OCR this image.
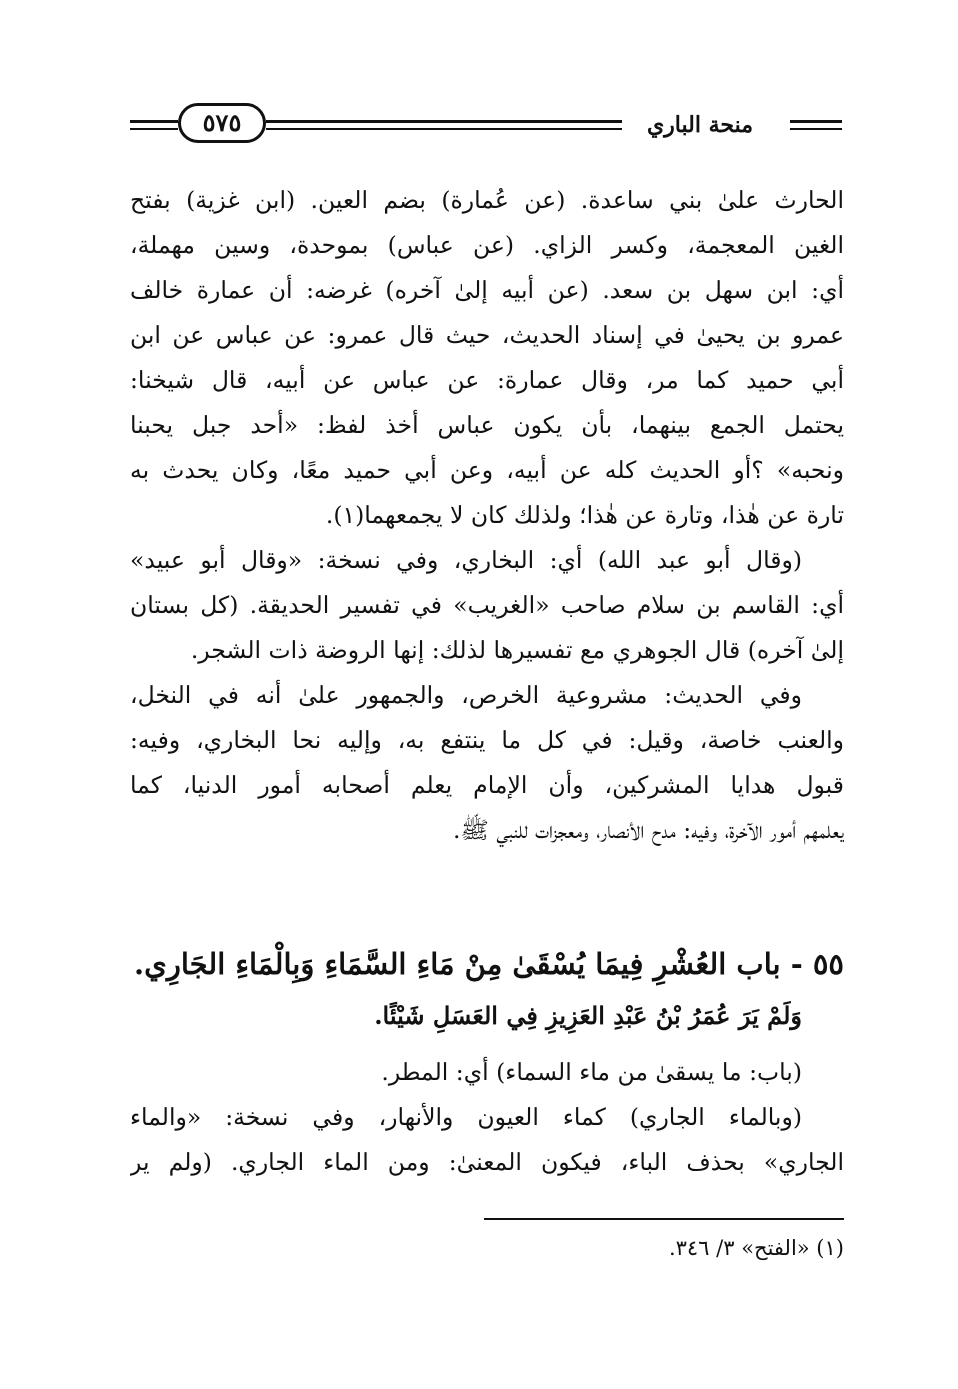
منحة الباري
٥٧٥
الحارث علىٰ بني ساعدة. (عن عُمارة) بضم العين. (ابن غزية) بفتح
الغين المعجمة، وكسر الزاي. (عن عباس) بموحدة، وسين مهملة،
أي: ابن سهل بن سعد. (عن أبيه إلىٰ آخره) غرضه: أن عمارة خالف
عمرو بن يحيىٰ في إسناد الحديث، حيث قال عمرو: عن عباس عن ابن
أبي حميد كما مر، وقال عمارة: عن عباس عن أبيه، قال شيخنا:
يحتمل الجمع بينهما، بأن يكون عباس أخذ لفظ: «أحد جبل يحبنا
ونحبه» ؟أو الحديث كله عن أبيه، وعن أبي حميد معًا، وكان يحدث به
تارة عن هٰذا، وتارة عن هٰذا؛ ولذلك كان لا يجمعهما(١).
(وقال أبو عبد الله) أي: البخاري، وفي نسخة: «وقال أبو عبيد»
أي: القاسم بن سلام صاحب «الغريب» في تفسير الحديقة. (كل بستان
إلىٰ آخره) قال الجوهري مع تفسيرها لذلك: إنها الروضة ذات الشجر.
وفي الحديث: مشروعية الخرص، والجمهور علىٰ أنه في النخل،
والعنب خاصة، وقيل: في كل ما ينتفع به، وإليه نحا البخاري، وفيه:
قبول هدايا المشركين، وأن الإمام يعلم أصحابه أمور الدنيا، كما
يعلمهم أمور الآخرة، وفيه: مدح الأنصار، ومعجزات للنبي ﷺ.
٥٥ - باب العُشْرِ فِيمَا يُسْقَىٰ مِنْ مَاءِ السَّمَاءِ وَبِالْمَاءِ الجَارِي.
وَلَمْ يَرَ عُمَرُ بْنُ عَبْدِ العَزِيزِ فِي العَسَلِ شَيْئًا.
(باب: ما يسقىٰ من ماء السماء) أي: المطر.
(وبالماء الجاري) كماء العيون والأنهار، وفي نسخة: «والماء
الجاري» بحذف الباء، فيكون المعنىٰ: ومن الماء الجاري. (ولم ير
(١) «الفتح» ٣/ ٣٤٦.
